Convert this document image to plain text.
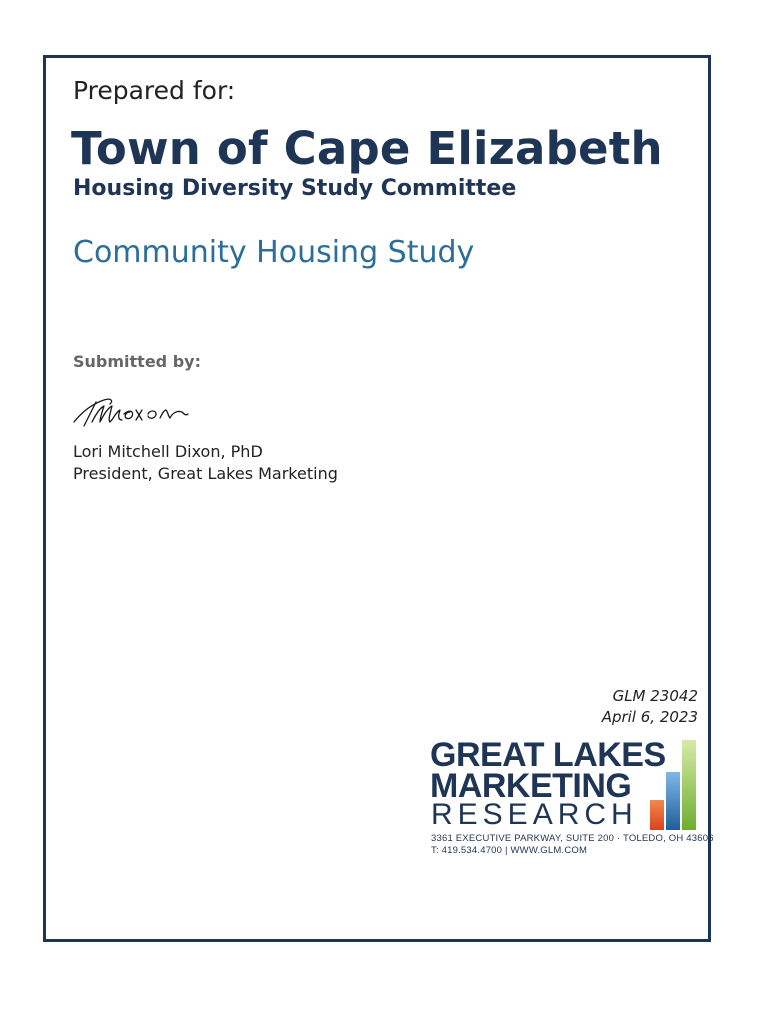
Prepared for:
Town of Cape Elizabeth
Housing Diversity Study Committee
Community Housing Study
Submitted by:
Lori Mitchell Dixon, PhD
President, Great Lakes Marketing
GLM 23042
April 6, 2023
GREAT LAKES
MARKETING
RESEARCH
3361 EXECUTIVE PARKWAY, SUITE 200 · TOLEDO, OH 43606
T: 419.534.4700 | WWW.GLM.COM
